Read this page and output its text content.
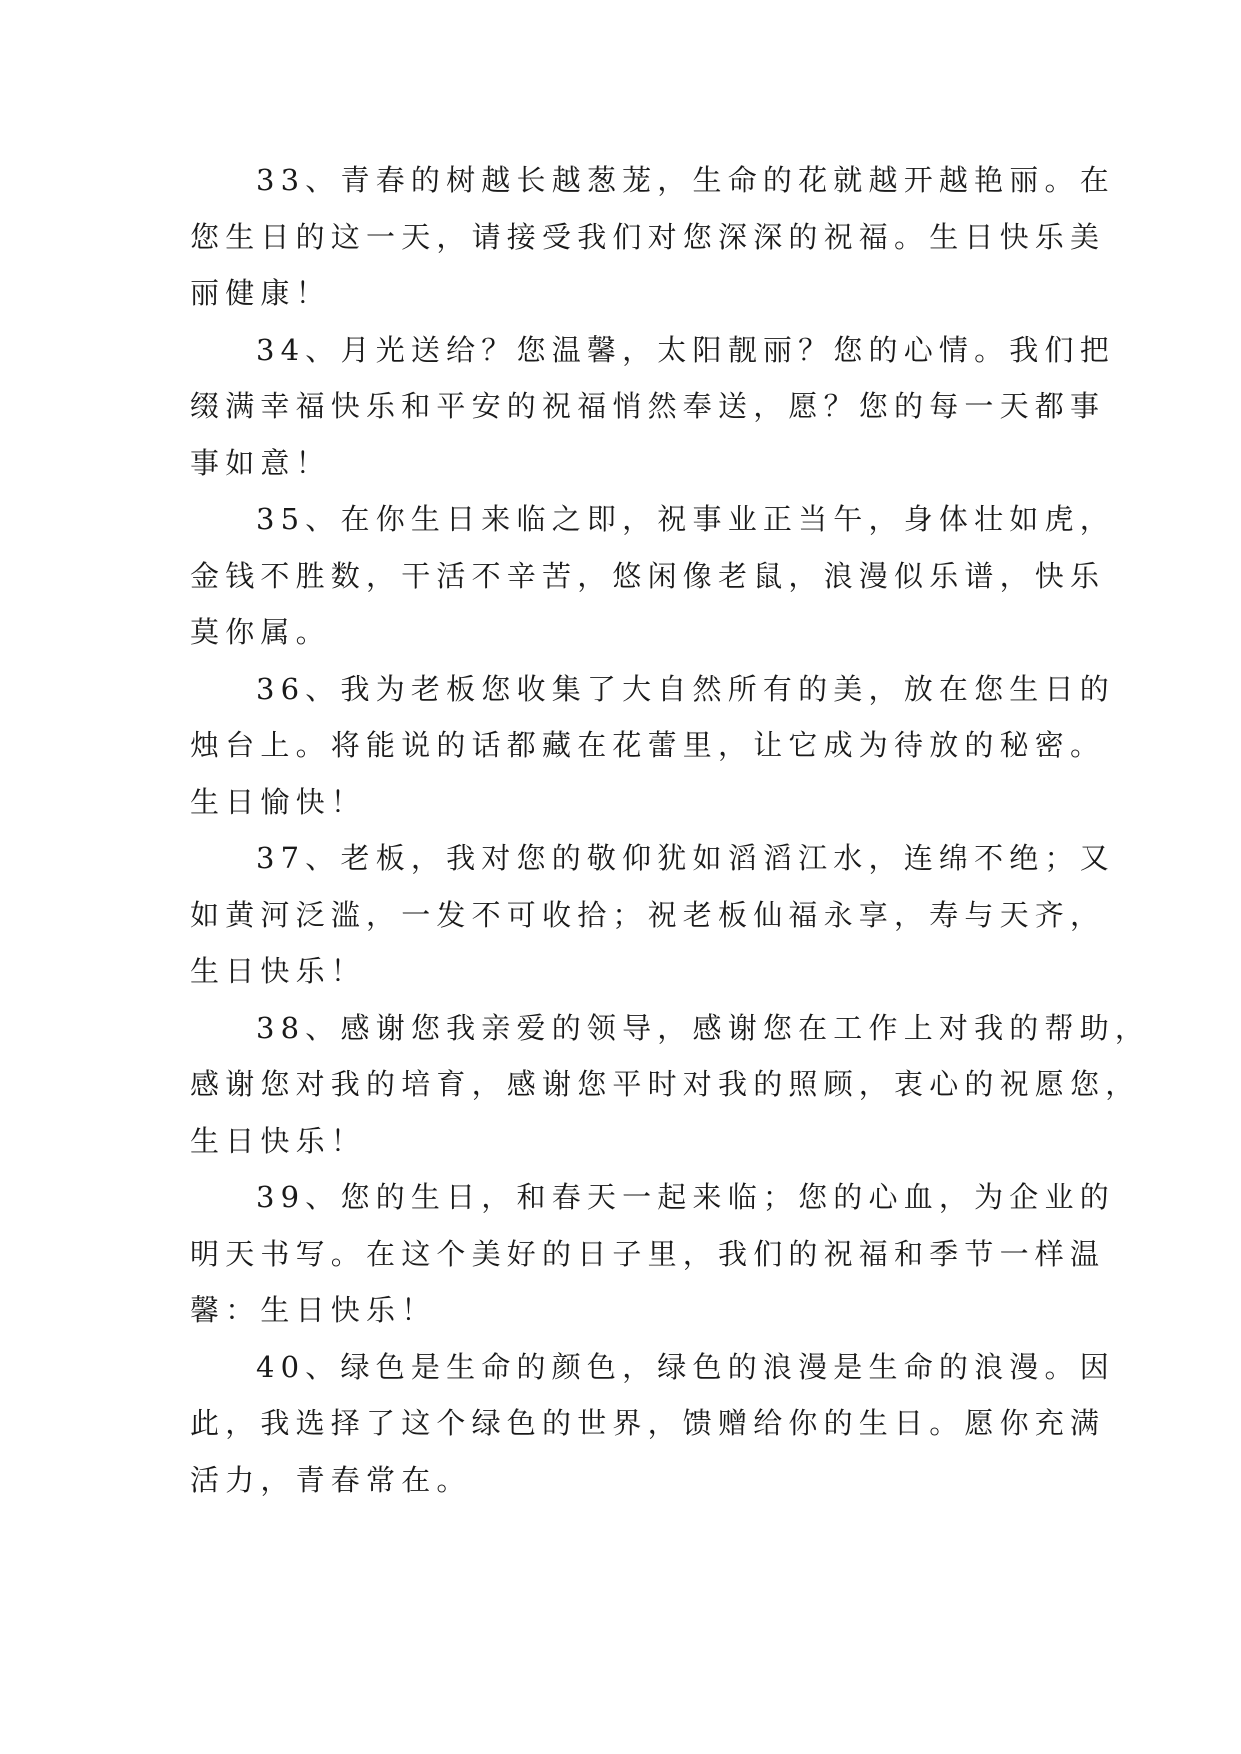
33、青春的树越长越葱茏，生命的花就越开越艳丽。在
您生日的这一天，请接受我们对您深深的祝福。生日快乐美
丽健康！

34、月光送给？您温馨，太阳靓丽？您的心情。我们把
缀满幸福快乐和平安的祝福悄然奉送，愿？您的每一天都事
事如意！

35、在你生日来临之即，祝事业正当午，身体壮如虎，
金钱不胜数，干活不辛苦，悠闲像老鼠，浪漫似乐谱，快乐
莫你属。

36、我为老板您收集了大自然所有的美，放在您生日的
烛台上。将能说的话都藏在花蕾里，让它成为待放的秘密。
生日愉快！

37、老板，我对您的敬仰犹如滔滔江水，连绵不绝；又
如黄河泛滥，一发不可收拾；祝老板仙福永享，寿与天齐，
生日快乐！

38、感谢您我亲爱的领导，感谢您在工作上对我的帮助，
感谢您对我的培育，感谢您平时对我的照顾，衷心的祝愿您，
生日快乐！

39、您的生日，和春天一起来临；您的心血，为企业的
明天书写。在这个美好的日子里，我们的祝福和季节一样温
馨：生日快乐！

40、绿色是生命的颜色，绿色的浪漫是生命的浪漫。因
此，我选择了这个绿色的世界，馈赠给你的生日。愿你充满
活力，青春常在。
